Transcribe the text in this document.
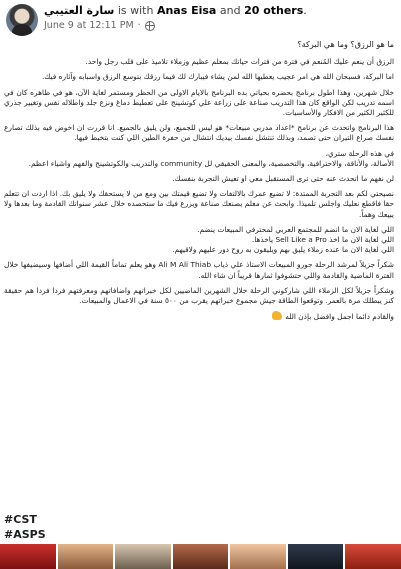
سارة العتيبي is with Anas Eisa and 20 others.
June 9 at 12:11 PM ·

ما هو الرزق؟ وما هي البركة؟

الرزق أن ينعم عليك المُنعم في فترة من فترات حياتك بمعلم عظيم وزملاء تلاميذ على قلب رجل واحد.

اما البركة، فسبحان الله هي امر عجيب يعطيها الله لمن يشاء فيبارك لك فيما رزقك بتوسع الرزق واسبابه وآثاره فيك.

خلال شهرين، وهذا اطول برنامج بحضره بحياتي بده البرنامج بالايام الاولى من الحظر ومستمر لغاية الآن، هو في ظاهره كان في اسمه تدريب لكن الواقع كان هذا التدريب صناعة على زراعة علي كوتشينج على تعطيط دماغ ونزع جلد واطلاله نفس وتغيير جذري للكثير الكثير من الافكار والأساسيات.

هذا البرنامج واتحدث عن برنامج *اعداد مدربي مبيعات* هو ليس للجميع، ولن يليق بالجميع. انا قررت ان اخوض فيه بذلك تصارع نفسك صراع التيران حتى تصمد، وبذلك تنتشل نفسك بيديك انتشال من حفرة الطين اللي كنت بتخبط فيها.

في هذه الرحلة ستري،
الأصالة، والأناقة، والاحترافية، والتخصصية، والمعنى الحقيقي لل community والتدريب والكوتشينج والفهم واشياء اعظم.

لن نفهم ما اتحدث عنه حتى ترى المستقبل معي او تعيش التجربة بنفسك.

نصيحتي لكم بعد التجربة الممتدة: لا تضيع عمرك بالالتفات ولا تضيع قيمتك بين ومع من لا يستحقك ولا يليق بك. اذا اردت ان تتعلم حقا فاقطع نعليك واجلس تلميذا. وابحث عن معلم يصنعك صناعة ويزرع فيك ما ستحصده خلال عشر سنواتك القادمة وما بعدها ولا يبيعك وهماً.

اللي لغاية الان ما انضم للمجتمع العربي لمحترفي المبيعات ينضم.
اللي لغاية الان ما اخذ Sell Like a Pro ياخذها.
اللي لغاية الان ما عنده زملاء يليق بهم ويليقون به روح دور عليهم ولاقيهم.

شكراً جزيلاً لمرشد الرحلة جورو المبيعات الاستاذ علي ذياب Ali M Ali Thiab وهو يعلم تماماً القيمة اللي أضافها وسيضيفها خلال الفترة الماضية والقادمة واللي حتشوفوا ثمارها قريباً ان شاء الله.

وشكراً جزيلاً لكل الزملاء اللي شاركوني الرحلة خلال الشهرين الماضيين لكل خبراتهم واضافاتهم ومعرفتهم فردا فردا هم حقيقة كنز يبطلك مرة بالعمر. وتوقعوا الطاقة جيش مجموع خبراتهم يقرب من ٥٠٠ سنة في الاعمال والمبيعات.

والقادم دائما اجمل وافضل بإذن الله

#CST
#ASPS
